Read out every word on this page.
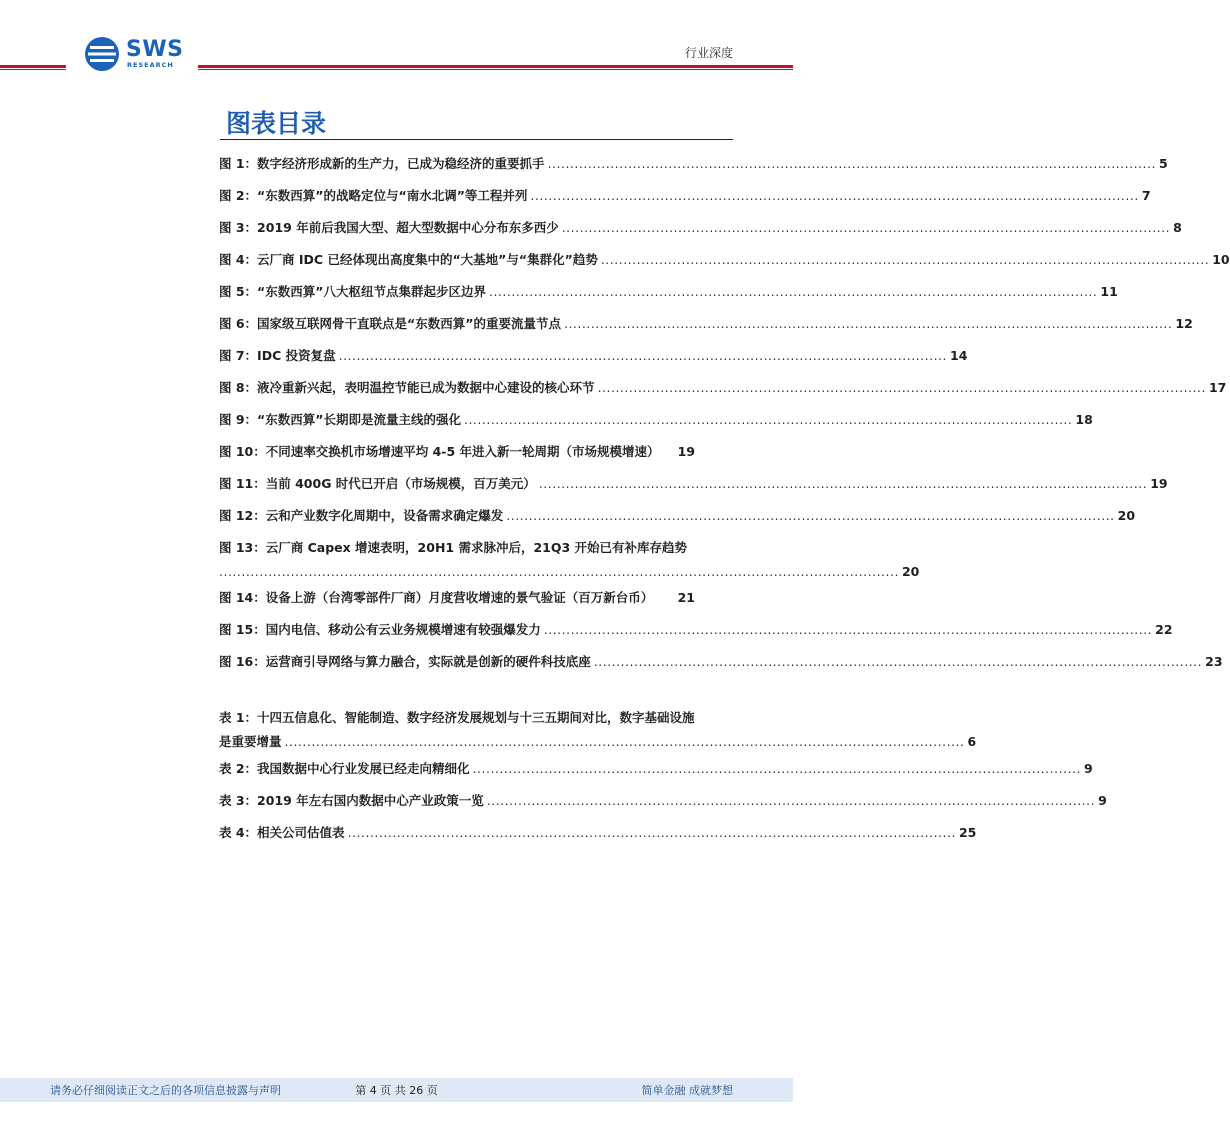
SWS
RESEARCH
行业深度
图表目录
图 1：数字经济形成新的生产力，已成为稳经济的重要抓手 ........................................................................................................................................ 5
图 2：“东数西算”的战略定位与“南水北调”等工程并列 ........................................................................................................................................ 7
图 3：2019 年前后我国大型、超大型数据中心分布东多西少 ........................................................................................................................................ 8
图 4：云厂商 IDC 已经体现出高度集中的“大基地”与“集群化”趋势 ........................................................................................................................................ 10
图 5：“东数西算”八大枢纽节点集群起步区边界 ........................................................................................................................................ 11
图 6：国家级互联网骨干直联点是“东数西算”的重要流量节点 ........................................................................................................................................ 12
图 7：IDC 投资复盘 ........................................................................................................................................ 14
图 8：液冷重新兴起，表明温控节能已成为数据中心建设的核心环节 ........................................................................................................................................ 17
图 9：“东数西算”长期即是流量主线的强化 ........................................................................................................................................ 18
图 10：不同速率交换机市场增速平均 4-5 年进入新一轮周期（市场规模增速） 19
图 11：当前 400G 时代已开启（市场规模，百万美元） ........................................................................................................................................ 19
图 12：云和产业数字化周期中，设备需求确定爆发 ........................................................................................................................................ 20
图 13：云厂商 Capex 增速表明，20H1 需求脉冲后，21Q3 开始已有补库存趋势
........................................................................................................................................................ 20
图 14：设备上游（台湾零部件厂商）月度营收增速的景气验证（百万新台币） 21
图 15：国内电信、移动公有云业务规模增速有较强爆发力 ........................................................................................................................................ 22
图 16：运营商引导网络与算力融合，实际就是创新的硬件科技底座 ........................................................................................................................................ 23
表 1：十四五信息化、智能制造、数字经济发展规划与十三五期间对比，数字基础设施
是重要增量 ........................................................................................................................................................ 6
表 2：我国数据中心行业发展已经走向精细化 ........................................................................................................................................ 9
表 3：2019 年左右国内数据中心产业政策一览 ........................................................................................................................................ 9
表 4：相关公司估值表 ........................................................................................................................................ 25
请务必仔细阅读正文之后的各项信息披露与声明	第 4 页 共 26 页	简单金融 成就梦想
